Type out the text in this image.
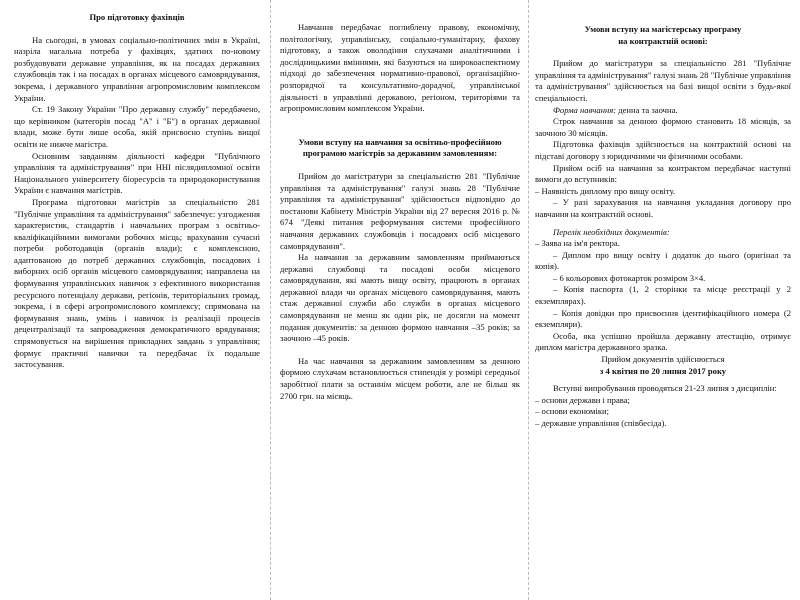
Про підготовку фахівців

На сьогодні, в умовах соціально-політичних змін в Україні, назріла нагальна потреба у фахівцях, здатних по-новому розбудовувати державне управління, як на посадах державних службовців так і на посадах в органах місцевого самоврядування, зокрема, і державного управління агропромисловим комплексом України.

Ст. 19 Закону України "Про державну службу" передбачено, що керівником (категорія посад "А" і "Б") в органах державної влади, може бути лише особа, якій присвоєно ступінь вищої освіти не нижче магістра.

Основним завданням діяльності кафедри "Публічного управління та адміністрування" при ННІ післядипломної освіти Національного університету біоресурсів та природокористування України є навчання магістрів.

Програма підготовки магістрів за спеціальністю 281 "Публічне управління та адміністрування" забезпечує: узгодження характеристик, стандартів і навчальних програм з освітньо-кваліфікаційними вимогами робочих місць; врахування сучасні потреби роботодавців (органів влади); є комплексною, адаптованою до потреб державних службовців, посадових і виборних осіб органів місцевого самоврядування; направлена на формування управлінських навичок з ефективного використання ресурсного потенціалу держави, регіонів, територіальних громад, зокрема, і в сфері агропромислового комплексу; спрямована на формування знань, умінь і навичок із реалізації процесів децентралізації та запровадження демократичного врядування; спрямовується на вирішення прикладних завдань з управління; формує практичні навички та передбачає їх подальше застосування.

Навчання передбачає поглиблену правову, економічну, політологічну, управлінську, соціально-гуманітарну, фахову підготовку, а також оволодіння слухачами аналітичними і дослідницькими вміннями, які базуються на широкоаспектному підході до забезпечення нормативно-правової, організаційно-розпорядчої та консультативно-дорадчої, управлінської діяльності в управлінні державою, регіоном, територіями та агропромисловим комплексом України.

Умови вступу на навчання за освітньо-професійною програмою магістрів за державним замовленням:

Прийом до магістратури за спеціальністю 281 "Публічне управління та адміністрування" галузі знань 28 "Публічне управління та адміністрування" здійснюється відповідно до постанови Кабінету Міністрів України від 27 вересня 2016 р. № 674 "Деякі питання реформування системи професійного навчання державних службовців і посадових осіб місцевого самоврядування".

На навчання за державним замовленням приймаються державні службовці та посадові особи місцевого самоврядування, які мають вищу освіту, працюють в органах державної влади чи органах місцевого самоврядування, мають стаж державної служби або служби в органах місцевого самоврядування не менш як один рік, не досягли на момент подання документів: за денною формою навчання ‒35 років; за заочною ‒45 років.

На час навчання за державним замовленням за денною формою слухачам встановлюється стипендія у розмірі середньої заробітної плати за останнім місцем роботи, але не більш як 2700 грн. на місяць.

Умови вступу на магістерську програму

на контрактній основі:

Прийом до магістратури за спеціальністю 281 "Публічне управління та адміністрування" галузі знань 28 "Публічне управління та адміністрування" здійснюється на базі вищої освіти з будь-якої спеціальності.

Форма навчання: денна та заочна.

Строк навчання за денною формою становить 18 місяців, за заочною 30 місяців.

Підготовка фахівців здійснюється на контрактній основі на підставі договору з юридичними чи фізичними особами.

Прийом осіб на навчання за контрактом передбачає наступні вимоги до вступників:

– Наявність диплому про вищу освіту.

– У разі зарахування на навчання укладання договору про навчання на контрактній основі.

Перелік необхідних документів:

– Заява на ім'я ректора.

– Диплом про вищу освіту і додаток до нього (оригінал та копія).

– 6 кольорових фотокарток розміром 3×4.

– Копія паспорта (1, 2 сторінки та місце реєстрації у 2 екземплярах).

– Копія довідки про присвоєння ідентифікаційного номера (2 екземпляри).

Особа, яка успішно пройшла державну атестацію, отримує диплом магістра державного зразка.

Прийом документів здійснюється

з 4 квітня по 20 липня 2017 року

Вступні випробування проводяться 21-23 липня з дисциплін:

– основи держави і права;

– основи економіки;

– державне управління (співбесіда).
